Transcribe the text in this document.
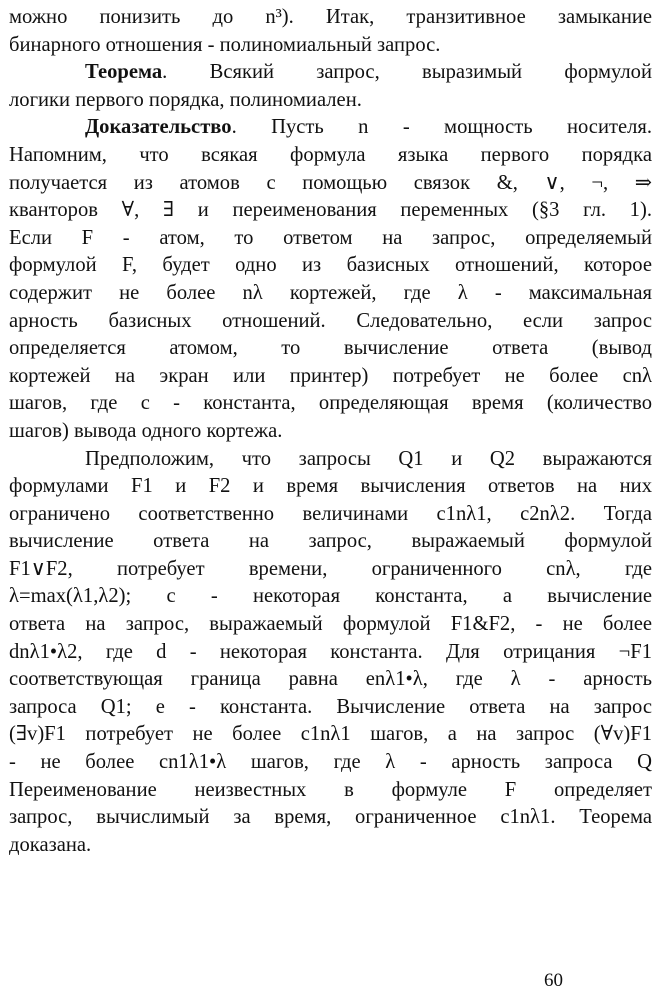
можно понизить до n³). Итак, транзитивное замыкание
бинарного отношения - полиномиальный запрос.
Теорема. Всякий запрос, выразимый формулой
логики первого порядка, полиномиален.
Доказательство. Пусть n - мощность носителя.
Напомним, что всякая формула языка первого порядка
получается из атомов с помощью связок &, ∨, ¬, ⇒
кванторов ∀, ∃ и переименования переменных (§3 гл. 1).
Если F - атом, то ответом на запрос, определяемый
формулой F, будет одно из базисных отношений, которое
содержит не более nλ кортежей, где λ - максимальная
арность базисных отношений. Следовательно, если запрос
определяется атомом, то вычисление ответа (вывод
кортежей на экран или принтер) потребует не более cnλ
шагов, где c - константа, определяющая время (количество
шагов) вывода одного кортежа.
Предположим, что запросы Q1 и Q2 выражаются
формулами F1 и F2 и время вычисления ответов на них
ограничено соответственно величинами c1nλ1, c2nλ2. Тогда
вычисление ответа на запрос, выражаемый формулой
F1∨F2, потребует времени, ограниченного cnλ, где
λ=max(λ1,λ2); c - некоторая константа, а вычисление
ответа на запрос, выражаемый формулой F1&F2, - не более
dnλ1•λ2, где d - некоторая константа. Для отрицания ¬F1
соответствующая граница равна enλ1•λ, где λ - арность
запроса Q1; e - константа. Вычисление ответа на запрос
(∃v)F1 потребует не более c1nλ1 шагов, а на запрос (∀v)F1
- не более cn1λ1•λ шагов, где λ - арность запроса Q
Переименование неизвестных в формуле F определяет
запрос, вычислимый за время, ограниченное c1nλ1. Теорема
доказана.
60
